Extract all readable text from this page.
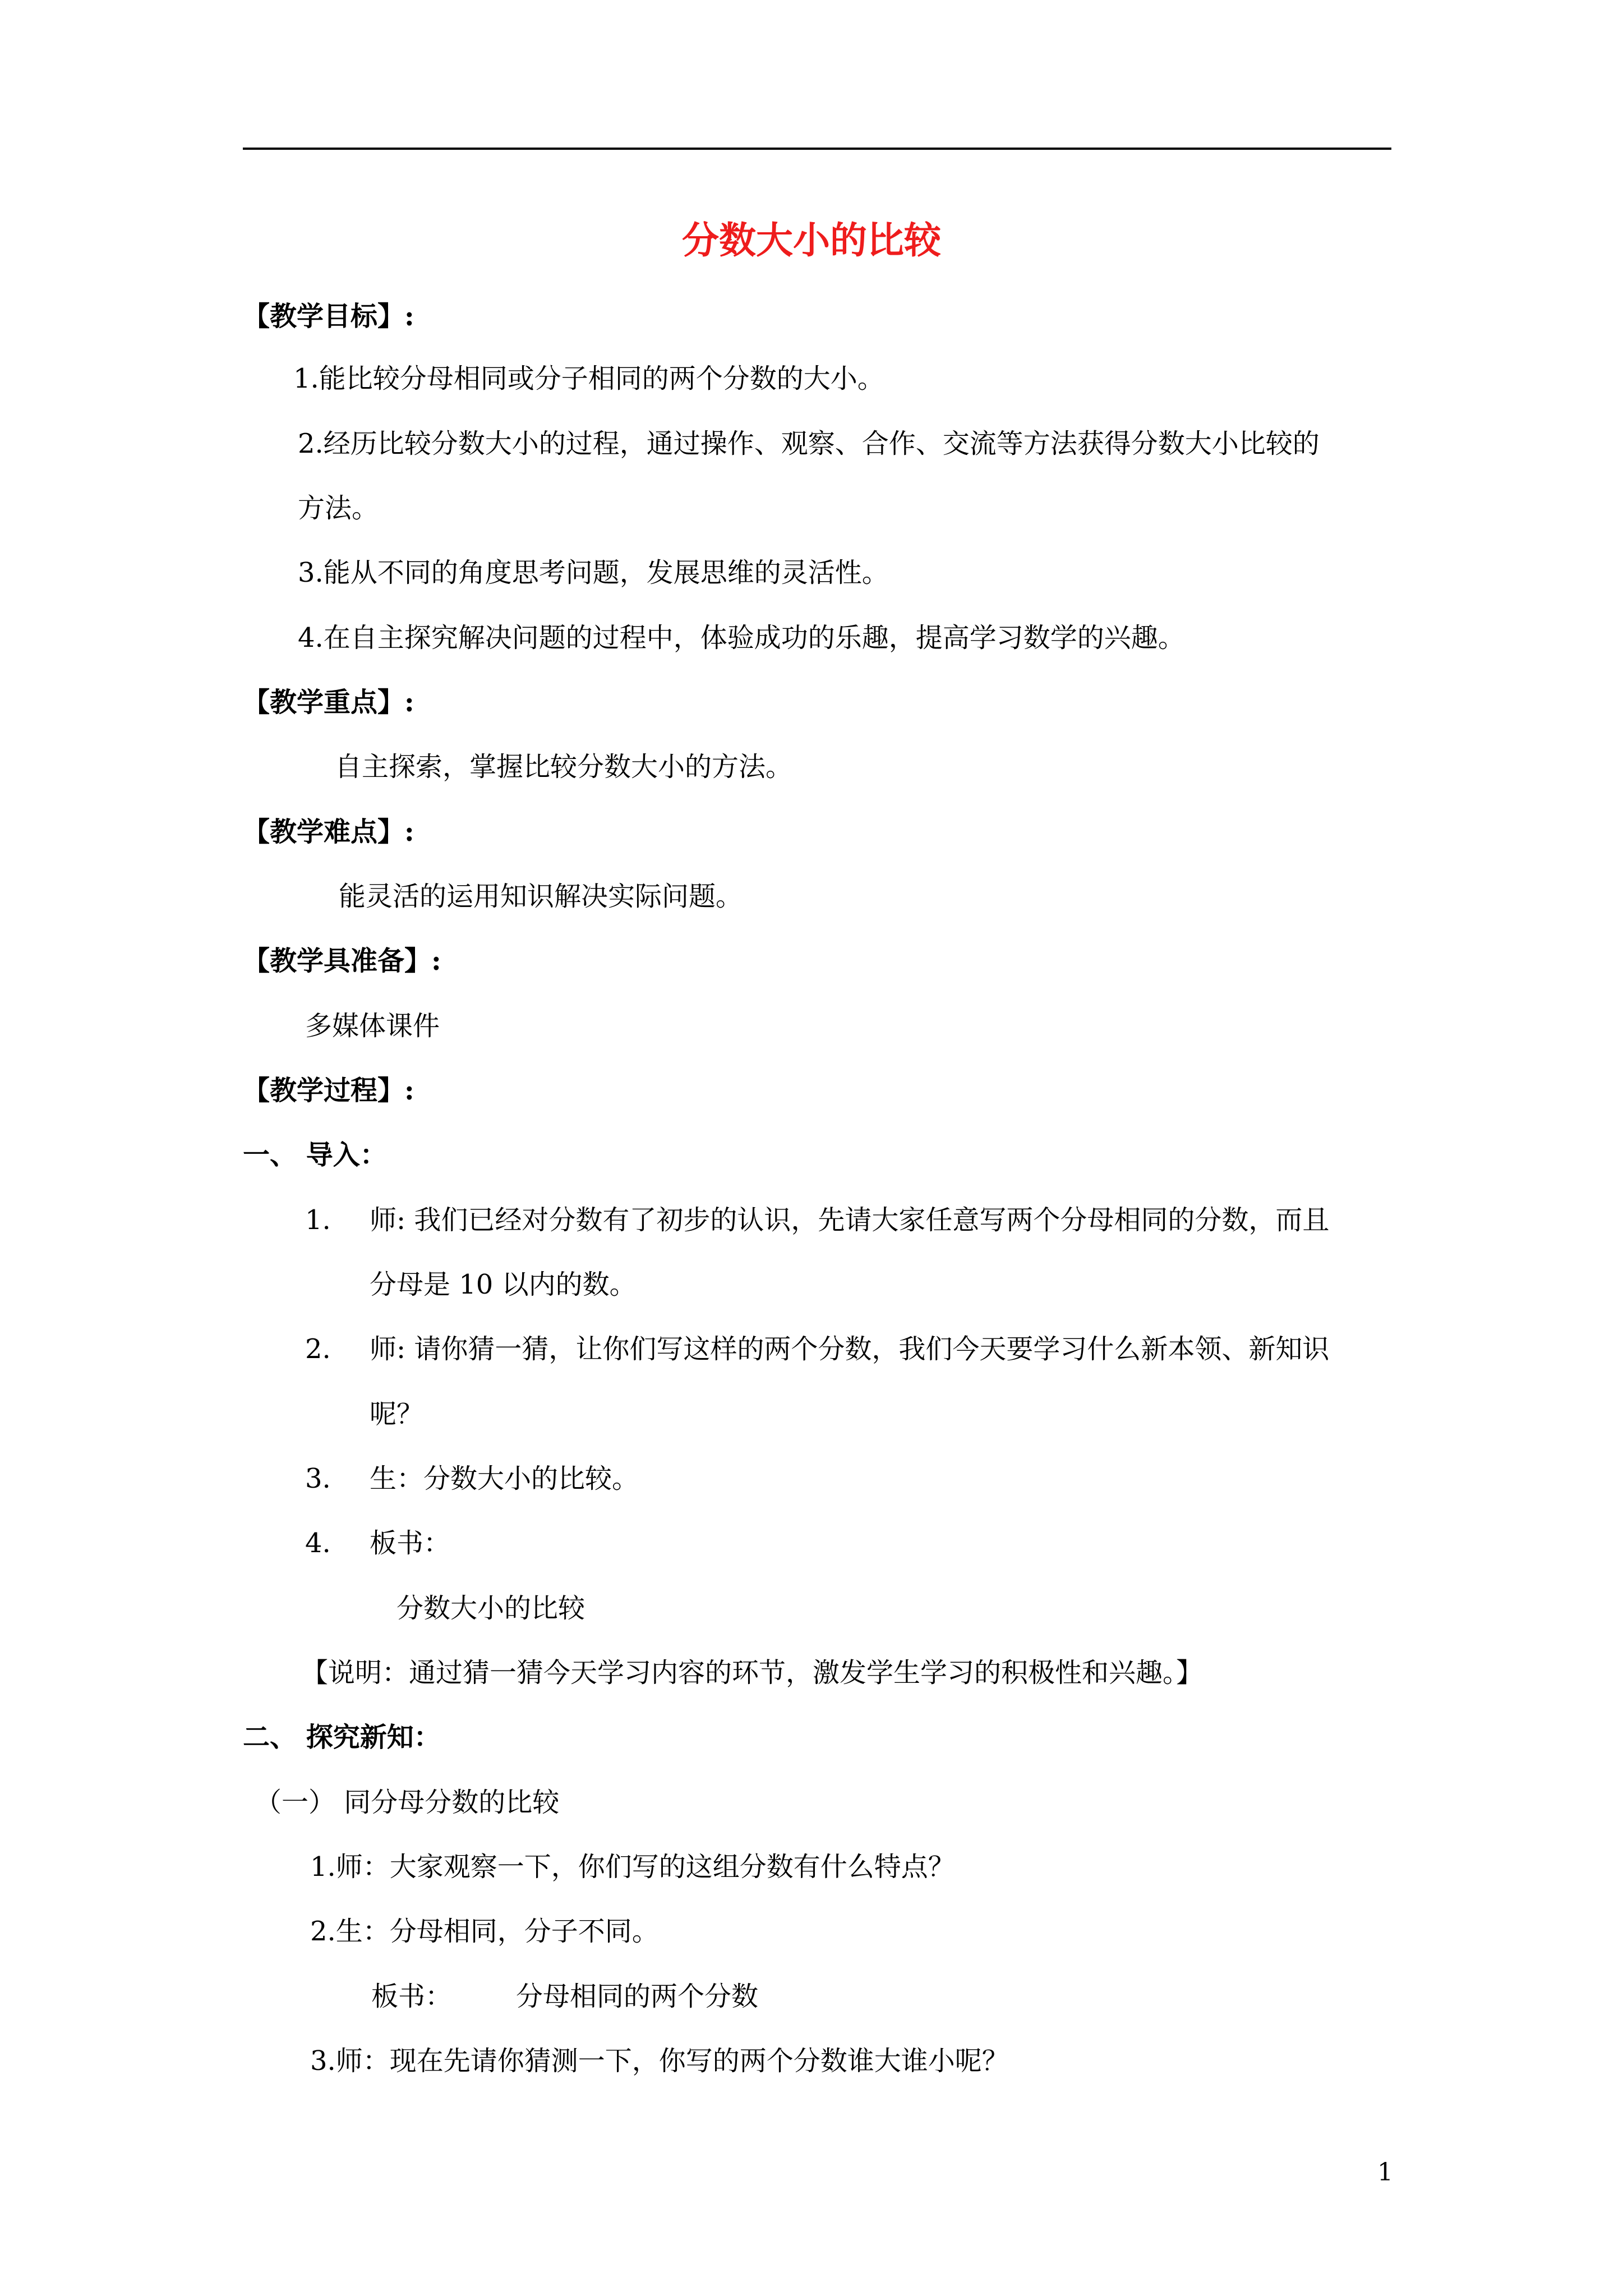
分数大小的比较
【教学目标】:
1.能比较分母相同或分子相同的两个分数的大小。
2.经历比较分数大小的过程，通过操作、观察、合作、交流等方法获得分数大小比较的
方法。
3.能从不同的角度思考问题，发展思维的灵活性。
4.在自主探究解决问题的过程中，体验成功的乐趣，提高学习数学的兴趣。
【教学重点】:
自主探索，掌握比较分数大小的方法。
【教学难点】:
能灵活的运用知识解决实际问题。
【教学具准备】:
多媒体课件
【教学过程】:
一、 导入：
1. 师: 我们已经对分数有了初步的认识，先请大家任意写两个分母相同的分数，而且
分母是 10 以内的数。
2. 师: 请你猜一猜，让你们写这样的两个分数，我们今天要学习什么新本领、新知识
呢？
3. 生：分数大小的比较。
4. 板书：
分数大小的比较
【说明：通过猜一猜今天学习内容的环节，激发学生学习的积极性和兴趣。】
二、 探究新知：
（一） 同分母分数的比较
1.师：大家观察一下，你们写的这组分数有什么特点？
2.生：分母相同，分子不同。
板书： 分母相同的两个分数
3.师：现在先请你猜测一下，你写的两个分数谁大谁小呢？
1
